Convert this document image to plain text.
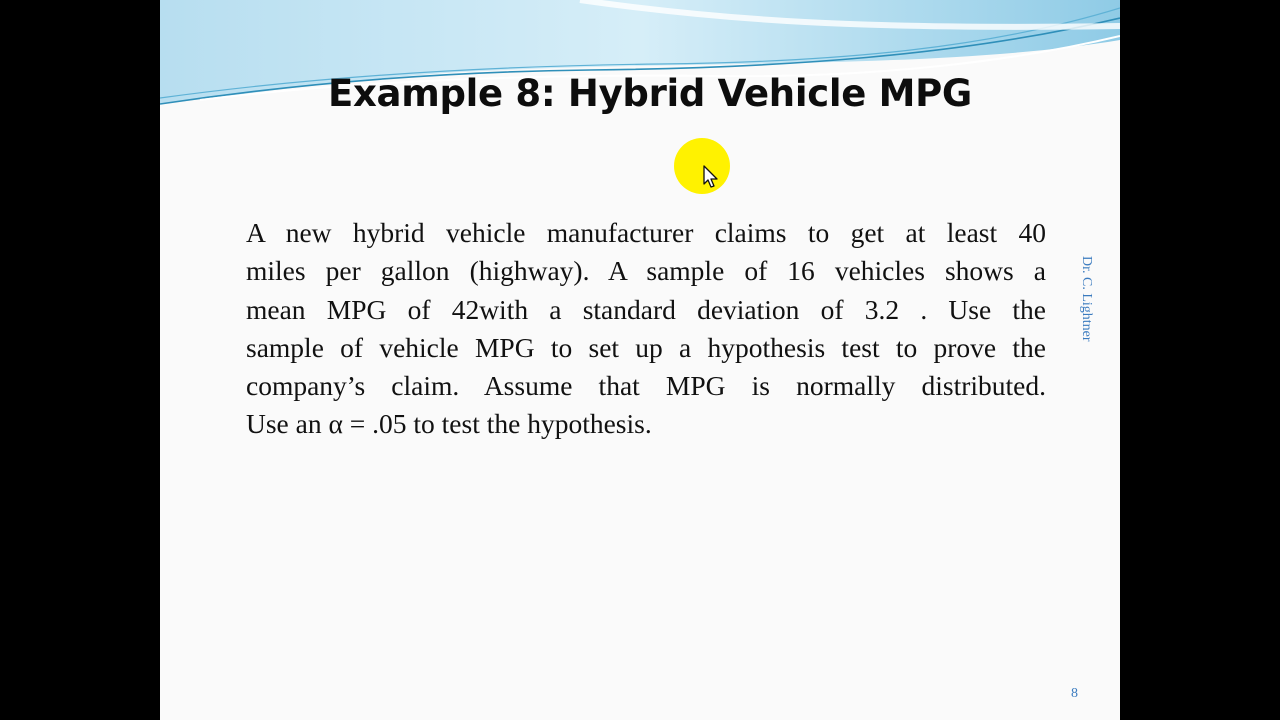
Example 8: Hybrid Vehicle MPG
A new hybrid vehicle manufacturer claims to get at least 40
miles per gallon (highway). A sample of 16 vehicles shows a
mean MPG of 42with a standard deviation of 3.2 . Use the
sample of vehicle MPG to set up a hypothesis test to prove the
company’s claim. Assume that MPG is normally distributed.
Use an α = .05 to test the hypothesis.
Dr. C. Lightner
8
